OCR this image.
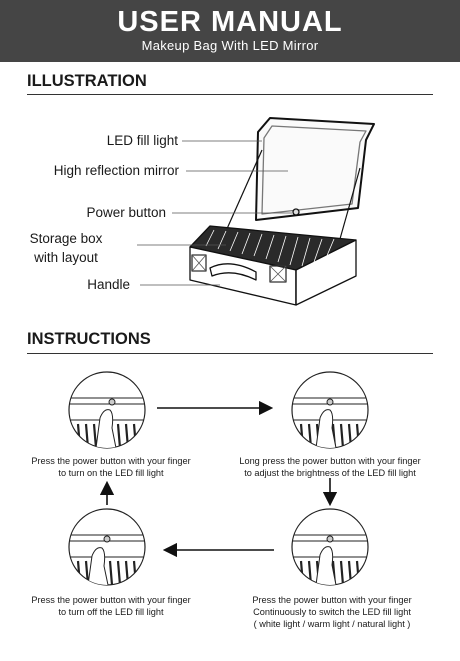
USER MANUAL
Makeup Bag With LED Mirror
ILLUSTRATION
LED fill light
High reflection mirror
Power button
Storage box
with layout
Handle
INSTRUCTIONS
Press the power button with your finger
to turn on the LED fill light
Long press the power button with your finger
to adjust the brightness of the LED fill light
Press the power button with your finger
Continuously to switch the LED fill light
( white light / warm light / natural light )
Press the power button with your finger
to turn off the LED fill light
